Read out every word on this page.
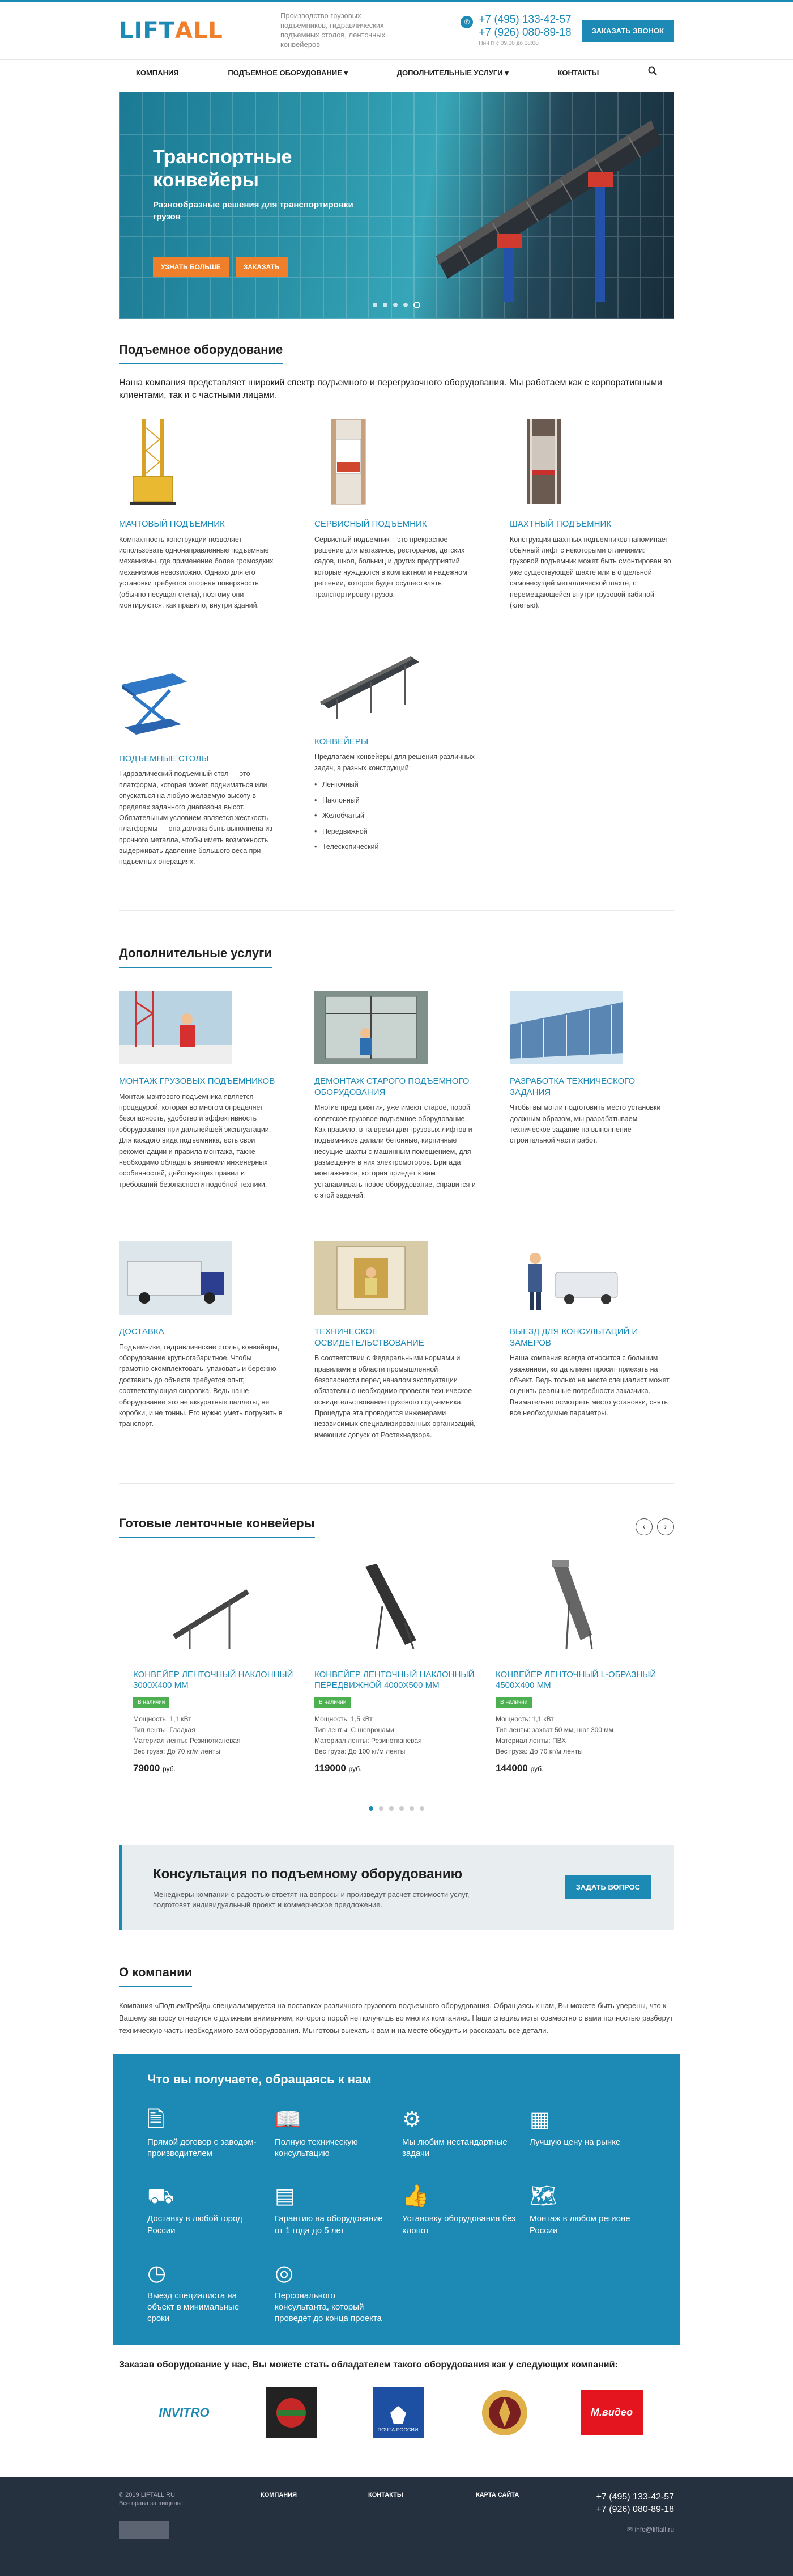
LIFT ALL
Производство грузовых подъемников, гидравлических подъемных столов, ленточных конвейеров
✆ +7 (495) 133-42-57
+7 (926) 080-89-18
Пн-Пт с 09:00 до 18:00
ЗАКАЗАТЬ ЗВОНОК
КОМПАНИЯ	ПОДЪЕМНОЕ ОБОРУДОВАНИЕ ▾	ДОПОЛНИТЕЛЬНЫЕ УСЛУГИ ▾	КОНТАКТЫ
Транспортные конвейеры

Разнообразные решения для транспортировки грузов

УЗНАТЬ БОЛЬШЕ	ЗАКАЗАТЬ
Подъемное оборудование

Наша компания представляет широкий спектр подъемного и перегрузочного оборудования. Мы работаем как с корпоративными клиентами, так и с частными лицами.

МАЧТОВЫЙ ПОДЪЕМНИК
Компактность конструкции позволяет использовать однонаправленные подъемные механизмы, где применение более громоздких механизмов невозможно. Однако для его установки требуется опорная поверхность (обычно несущая стена), поэтому они монтируются, как правило, внутри зданий.
СЕРВИСНЫЙ ПОДЪЕМНИК
Сервисный подъемник – это прекрасное решение для магазинов, ресторанов, детских садов, школ, больниц и других предприятий, которые нуждаются в компактном и надежном решении, которое будет осуществлять транспортировку грузов.
ШАХТНЫЙ ПОДЪЕМНИК
Конструкция шахтных подъемников напоминает обычный лифт с некоторыми отличиями: грузовой подъемник может быть смонтирован во уже существующей шахте или в отдельной самонесущей металлической шахте, с перемещающейся внутри грузовой кабиной (клетью).
ПОДЪЕМНЫЕ СТОЛЫ
Гидравлический подъемный стол — это платформа, которая может подниматься или опускаться на любую желаемую высоту в пределах заданного диапазона высот. Обязательным условием является жесткость платформы — она должна быть выполнена из прочного металла, чтобы иметь возможность выдерживать давление большого веса при подъемных операциях.
КОНВЕЙЕРЫ
Предлагаем конвейеры для решения различных задач, а разных конструкций:
• Ленточный
• Наклонный
• Желобчатый
• Передвижной
• Телескопический
Дополнительные услуги
МОНТАЖ ГРУЗОВЫХ ПОДЪЕМНИКОВ
Монтаж мачтового подъемника является процедурой, которая во многом определяет безопасность, удобство и эффективность оборудования при дальнейшей эксплуатации. Для каждого вида подъемника, есть свои рекомендации и правила монтажа, также необходимо обладать знаниями инженерных особенностей, действующих правил и требований безопасности подобной техники.
ДЕМОНТАЖ СТАРОГО ПОДЪЕМНОГО ОБОРУДОВАНИЯ
Многие предприятия, уже имеют старое, порой советское грузовое подъемное оборудование. Как правило, в та время для грузовых лифтов и подъемников делали бетонные, кирпичные несущие шахты с машинным помещением, для размещения в них электромоторов. Бригада монтажников, которая приедет к вам устанавливать новое оборудование, справится и с этой задачей.
РАЗРАБОТКА ТЕХНИЧЕСКОГО ЗАДАНИЯ
Чтобы вы могли подготовить место установки должным образом, мы разрабатываем техническое задание на выполнение строительной части работ.
ДОСТАВКА
Подъемники, гидравлические столы, конвейеры, оборудование крупногабаритное. Чтобы грамотно скомплектовать, упаковать и бережно доставить до объекта требуется опыт, соответствующая сноровка. Ведь наше оборудование это не аккуратные паллеты, не коробки, и не тонны. Его нужно уметь погрузить в транспорт.
ТЕХНИЧЕСКОЕ ОСВИДЕТЕЛЬСТВОВАНИЕ
В соответствии с Федеральными нормами и правилами в области промышленной безопасности перед началом эксплуатации обязательно необходимо провести техническое освидетельствование грузового подъемника. Процедура эта проводится инженерами независимых специализированных организаций, имеющих допуск от Ростехнадзора.
ВЫЕЗД ДЛЯ КОНСУЛЬТАЦИЙ И ЗАМЕРОВ
Наша компания всегда относится с большим уважением, когда клиент просит приехать на объект. Ведь только на месте специалист может оценить реальные потребности заказчика. Внимательно осмотреть место установки, снять все необходимые параметры.
Готовые ленточные конвейеры	‹	›
КОНВЕЙЕР ЛЕНТОЧНЫЙ НАКЛОННЫЙ 3000Х400 ММ
В наличии
Мощность: 1,1 кВт
Тип ленты: Гладкая
Материал ленты: Резинотканевая
Вес груза: До 70 кг/м ленты
79000 руб.
КОНВЕЙЕР ЛЕНТОЧНЫЙ НАКЛОННЫЙ ПЕРЕДВИЖНОЙ 4000Х500 ММ
В наличии
Мощность: 1,5 кВт
Тип ленты: С шевронами
Материал ленты: Резинотканевая
Вес груза: До 100 кг/м ленты
119000 руб.
КОНВЕЙЕР ЛЕНТОЧНЫЙ L-ОБРАЗНЫЙ 4500Х400 ММ
В наличии
Мощность: 1,1 кВт
Тип ленты: захват 50 мм, шаг 300 мм
Материал ленты: ПВХ
Вес груза: До 70 кг/м ленты
144000 руб.
Консультация по подъемному оборудованию

Менеджеры компании с радостью ответят на вопросы и произведут расчет стоимости услуг, подготовят индивидуальный проект и коммерческое предложение.

ЗАДАТЬ ВОПРОС
О компании

Компания «ПодъемТрейд» специализируется на поставках различного грузового подъемного оборудования. Обращаясь к нам, Вы можете быть уверены, что к Вашему запросу отнесутся с должным вниманием, которого порой не получишь во многих компаниях. Наши специалисты совместно с вами полностью разберут техническую часть необходимого вам оборудования. Мы готовы выехать к вам и на месте обсудить и рассказать все детали.

Что вы получаете, обращаясь к нам
🗎
Прямой договор с заводом-производителем
📖
Полную техническую консультацию
⚙
Мы любим нестандартные задачи
▦
Лучшую цену на рынке
⛟
Доставку в любой город России
▤
Гарантию на оборудование от 1 года до 5 лет
👍
Установку оборудования без хлопот
🗺
Монтаж в любом регионе России
◷
Выезд специалиста на объект в минимальные сроки
◎
Персонального консультанта, который проведет до конца проекта
Заказав оборудование у нас, Вы можете стать обладателем такого оборудования как у следующих компаний:
INVITRO
ПОЧТА РОССИИ
М.видео
© 2019 LIFTALL.RU
Все права защищены.
КОМПАНИЯ	КОНТАКТЫ	КАРТА САЙТА	+7 (495) 133-42-57
+7 (926) 080-89-18
✉ info@liftall.ru
